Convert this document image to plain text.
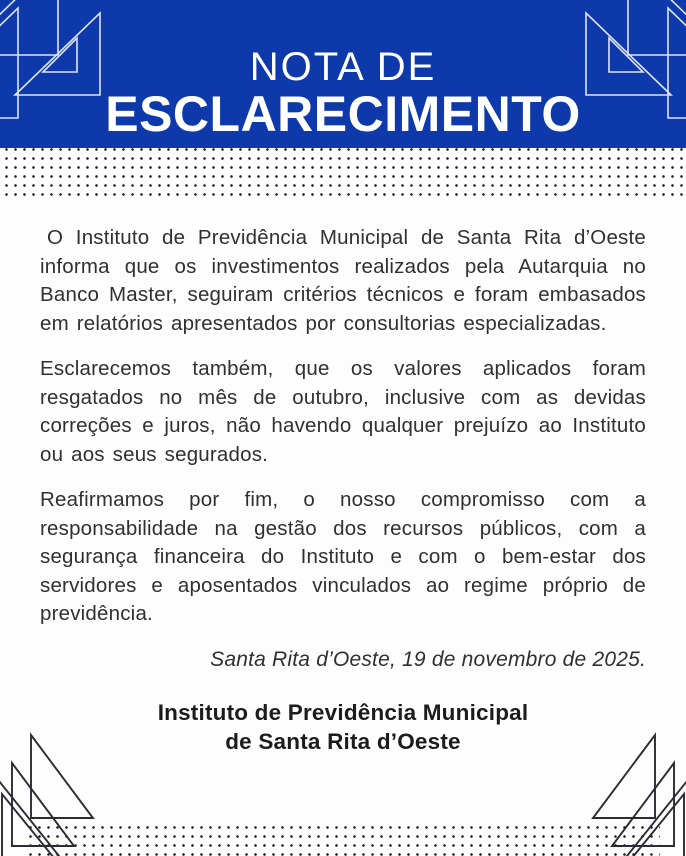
NOTA DE
ESCLARECIMENTO

O Instituto de Previdência Municipal de Santa Rita d’Oeste informa que os investimentos realizados pela Autarquia no Banco Master, seguiram critérios técnicos e foram embasados em relatórios apresentados por consultorias especializadas.

Esclarecemos também, que os valores aplicados foram resgatados no mês de outubro, inclusive com as devidas correções e juros, não havendo qualquer prejuízo ao Instituto ou aos seus segurados.

Reafirmamos por fim, o nosso compromisso com a responsabilidade na gestão dos recursos públicos, com a segurança financeira do Instituto e com o bem-estar dos servidores e aposentados vinculados ao regime próprio de previdência.

Santa Rita d’Oeste, 19 de novembro de 2025.

Instituto de Previdência Municipal
de Santa Rita d’Oeste
